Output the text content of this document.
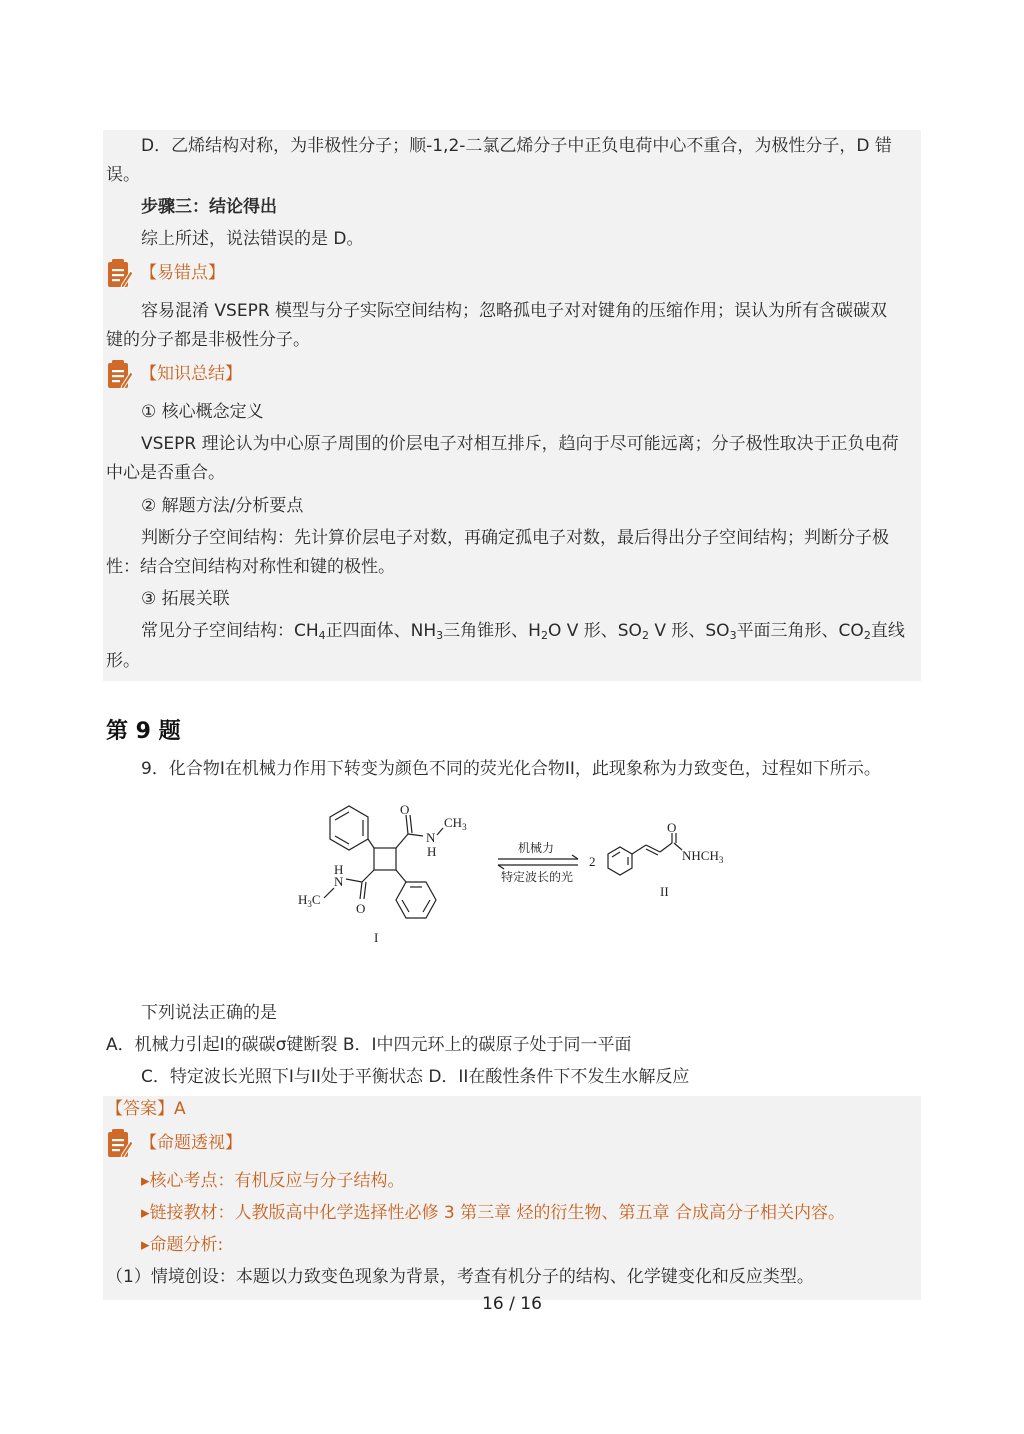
D．乙烯结构对称，为非极性分子；顺-1,2-二氯乙烯分子中正负电荷中心不重合，为极性分子，D 错
误。
步骤三：结论得出
综上所述，说法错误的是 D。
【易错点】
容易混淆 VSEPR 模型与分子实际空间结构；忽略孤电子对对键角的压缩作用；误认为所有含碳碳双
键的分子都是非极性分子。
【知识总结】
① 核心概念定义
VSEPR 理论认为中心原子周围的价层电子对相互排斥，趋向于尽可能远离；分子极性取决于正负电荷
中心是否重合。
② 解题方法/分析要点
判断分子空间结构：先计算价层电子对数，再确定孤电子对数，最后得出分子空间结构；判断分子极
性：结合空间结构对称性和键的极性。
③ 拓展关联
常见分子空间结构：$CH_4$正四面体、$NH_3$三角锥形、$H_2O$ V 形、$SO_2$ V 形、$SO_3$平面三角形、$CO_2$直线
形。
第 9 题
9．化合物I在机械力作用下转变为颜色不同的荧光化合物II，此现象称为力致变色，过程如下所示。
O
N
H
$CH_3$
H
N
$H_3C$
O
I
机械力
特定波长的光
2
O
$NHCH_3$
II
下列说法正确的是
A．机械力引起I的碳碳σ键断裂 B．I中四元环上的碳原子处于同一平面
C．特定波长光照下I与II处于平衡状态 D．II在酸性条件下不发生水解反应
【答案】A
【命题透视】
▸核心考点：有机反应与分子结构。
▸链接教材：人教版高中化学选择性必修 3 第三章 烃的衍生物、第五章 合成高分子相关内容。
▸命题分析:
（1）情境创设：本题以力致变色现象为背景，考查有机分子的结构、化学键变化和反应类型。
16 / 16
